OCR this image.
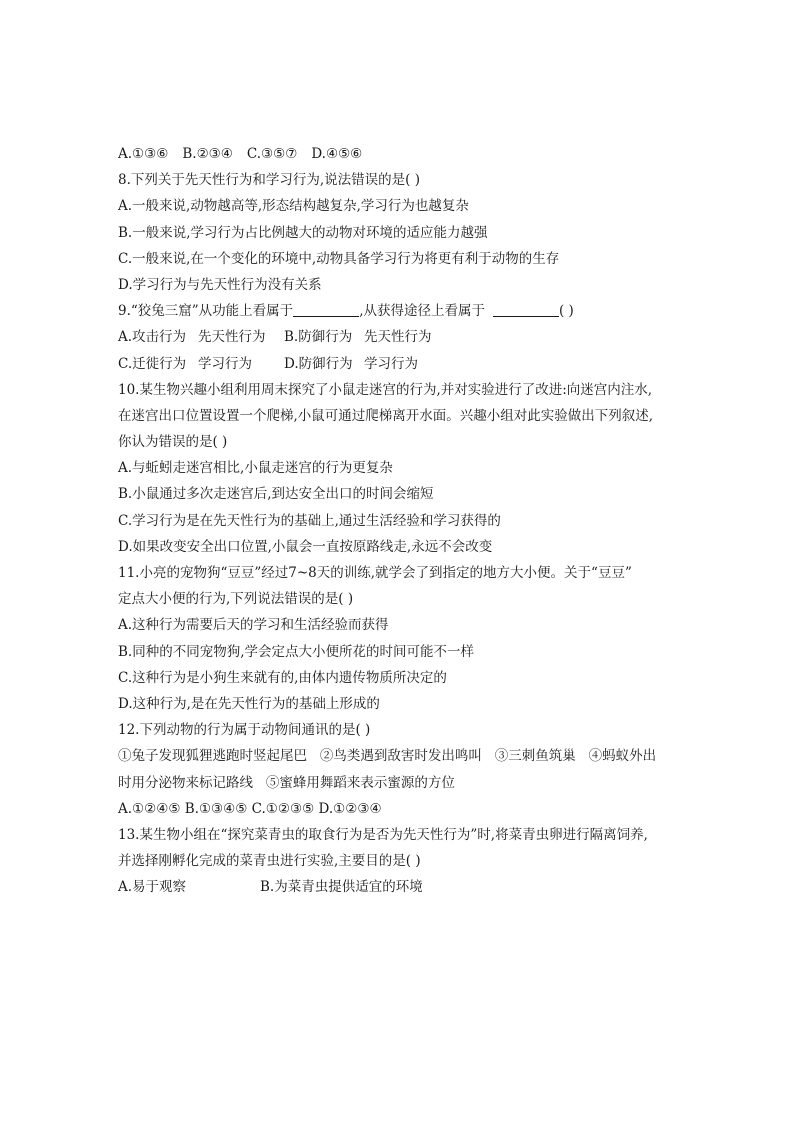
A.①③⑥ B.②③④ C.③⑤⑦ D.④⑤⑥
8.下列关于先天性行为和学习行为,说法错误的是( )
A.一般来说,动物越高等,形态结构越复杂,学习行为也越复杂
B.一般来说,学习行为占比例越大的动物对环境的适应能力越强
C.一般来说,在一个变化的环境中,动物具备学习行为将更有利于动物的生存
D.学习行为与先天性行为没有关系
9.“狡兔三窟”从功能上看属于	,从获得途径上看属于	( )
A.攻击行为 先天性行为 B.防御行为 先天性行为
C.迁徙行为 学习行为 D.防御行为 学习行为
10.某生物兴趣小组利用周末探究了小鼠走迷宫的行为,并对实验进行了改进:向迷宫内注水,
在迷宫出口位置设置一个爬梯,小鼠可通过爬梯离开水面。兴趣小组对此实验做出下列叙述,
你认为错误的是( )
A.与蚯蚓走迷宫相比,小鼠走迷宫的行为更复杂
B.小鼠通过多次走迷宫后,到达安全出口的时间会缩短
C.学习行为是在先天性行为的基础上,通过生活经验和学习获得的
D.如果改变安全出口位置,小鼠会一直按原路线走,永远不会改变
11.小亮的宠物狗“豆豆”经过7~8天的训练,就学会了到指定的地方大小便。关于“豆豆”
定点大小便的行为,下列说法错误的是( )
A.这种行为需要后天的学习和生活经验而获得
B.同种的不同宠物狗,学会定点大小便所花的时间可能不一样
C.这种行为是小狗生来就有的,由体内遗传物质所决定的
D.这种行为,是在先天性行为的基础上形成的
12.下列动物的行为属于动物间通讯的是( )
①兔子发现狐狸逃跑时竖起尾巴   ②鸟类遇到敌害时发出鸣叫   ③三刺鱼筑巢   ④蚂蚁外出
时用分泌物来标记路线   ⑤蜜蜂用舞蹈来表示蜜源的方位
A.①②④⑤ B.①③④⑤ C.①②③⑤ D.①②③④
13.某生物小组在“探究菜青虫的取食行为是否为先天性行为”时,将菜青虫卵进行隔离饲养,
并选择刚孵化完成的菜青虫进行实验,主要目的是( )
A.易于观察	B.为菜青虫提供适宜的环境
